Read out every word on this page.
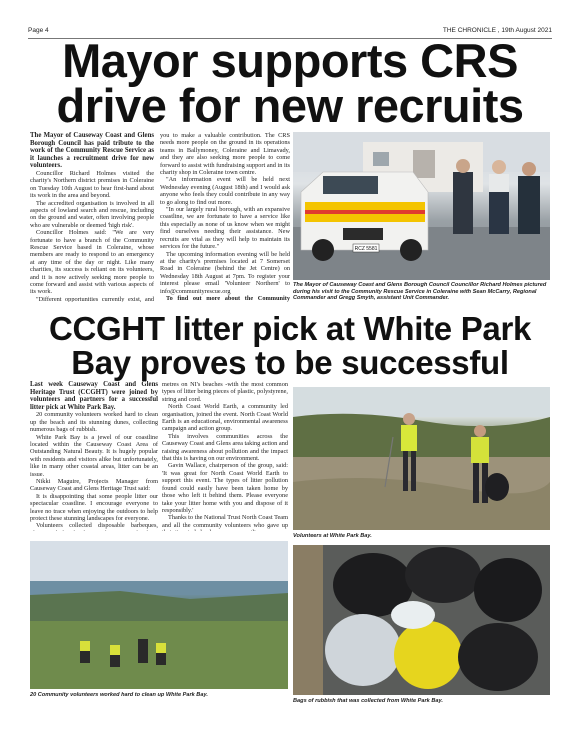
Page 4	THE CHRONICLE , 19th August 2021
Mayor supports CRS drive for new recruits

The Mayor of Causeway Coast and Glens Borough Council has paid tribute to the work of the Community Rescue Service as it launches a recruitment drive for new volunteers.

Councillor Richard Holmes visited the charity's Northern district premises in Coleraine on Tuesday 10th August to hear first-hand about its work in the area and beyond.

The accredited organisation is involved in all aspects of lowland search and rescue, including on the ground and water, often involving people who are vulnerable or deemed 'high risk'.

Councillor Holmes said: "We are very fortunate to have a branch of the Community Rescue Service based in Coleraine, whose members are ready to respond to an emergency at any time of the day or night. Like many charities, its success is reliant on its volunteers, and it is now actively seeking more people to come forward and assist with various aspects of its work.

"Different opportunities currently exist, and

you to make a valuable contribution. The CRS needs more people on the ground in its operations teams in Ballymoney, Coleraine and Limavady, and they are also seeking more people to come forward to assist with fundraising support and in its charity shop in Coleraine town centre.

"An information event will be held next Wednesday evening (August 18th) and I would ask anyone who feels they could contribute in any way to go along to find out more.

"In our largely rural borough, with an expansive coastline, we are fortunate to have a service like this especially as none of us know when we might find ourselves needing their assistance. New recruits are vital as they will help to maintain its services for the future."

The upcoming information evening will be held at the charity's premises located at 7 Somerset Road in Coleraine (behind the Jet Centre) on Wednesday 18th August at 7pm. To register your interest please email 'Volunteer Northern' to info@communityrescue.org

To find out more about the Community

RCZ 5581
The Mayor of Causeway Coast and Glens Borough Council Councillor Richard Holmes pictured during his visit to the Community Rescue Service in Coleraine with Sean McCarry, Regional Commander and Gregg Smyth, assistant Unit Commander.
CCGHT litter pick at White Park Bay proves to be successful

Last week Causeway Coast and Glens Heritage Trust (CCGHT) were joined by volunteers and partners for a successful litter pick at White Park Bay.

20 community volunteers worked hard to clean up the beach and its stunning dunes, collecting numerous bags of rubbish.

White Park Bay is a jewel of our coastline located within the Causeway Coast Area of Outstanding Natural Beauty. It is hugely popular with residents and visitors alike but unfortunately, like in many other coastal areas, litter can be an issue.

Nikki Maguire, Projects Manager from Causeway Coast and Glens Heritage Trust said:

It is disappointing that some people litter our spectacular coastline. I encourage everyone to leave no trace when enjoying the outdoors to help protect these stunning landscapes for everyone.

Volunteers collected disposable barbeques,

metres on NI's beaches -with the most common types of litter being pieces of plastic, polystyrene, string and cord.

North Coast World Earth, a community led organisation, joined the event. North Coast World Earth is an educational, environmental awareness campaign and action group.

This involves communities across the Causeway Coast and Glens area taking action and raising awareness about pollution and the impact that this is having on our environment.

Gavin Wallace, chairperson of the group, said: 'It was great for North Coast World Earth to support this event. The types of litter pollution found could easily have been taken home by those who left it behind them. Please everyone take your litter home with you and dispose of it responsibly.'

Thanks to the National Trust North Coast Team and all the community volunteers who gave up

Volunteers at White Park Bay.
20 Community volunteers worked hard to clean up White Park Bay.
Bags of rubbish that was collected from White Park Bay.
